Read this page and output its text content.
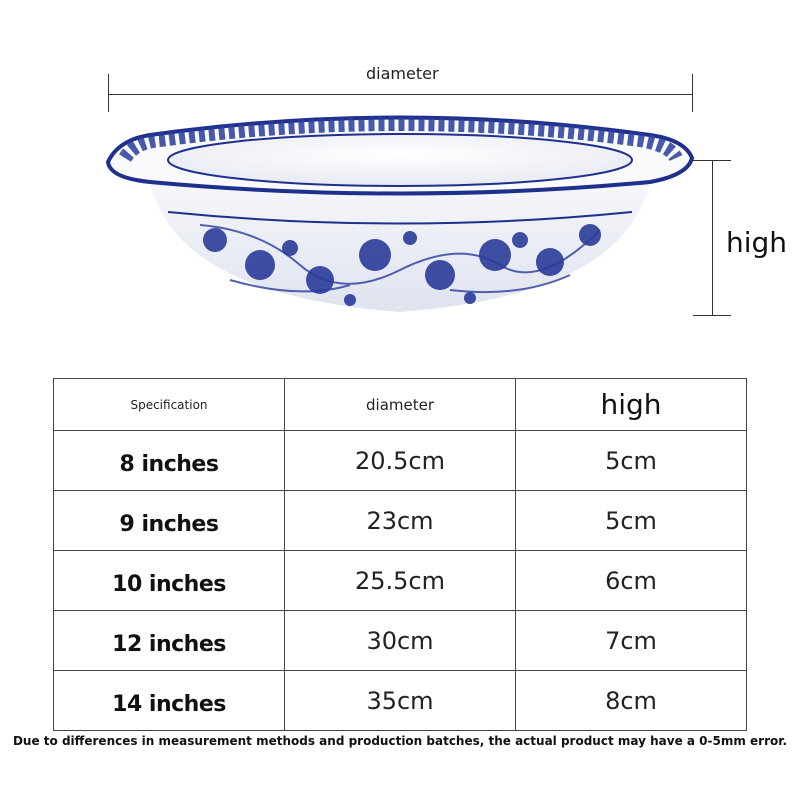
diameter
high
Specification	diameter	high
8 inches	20.5cm	5cm
9 inches	23cm	5cm
10 inches	25.5cm	6cm
12 inches	30cm	7cm
14 inches	35cm	8cm
Due to differences in measurement methods and production batches, the actual product may have a 0-5mm error.
